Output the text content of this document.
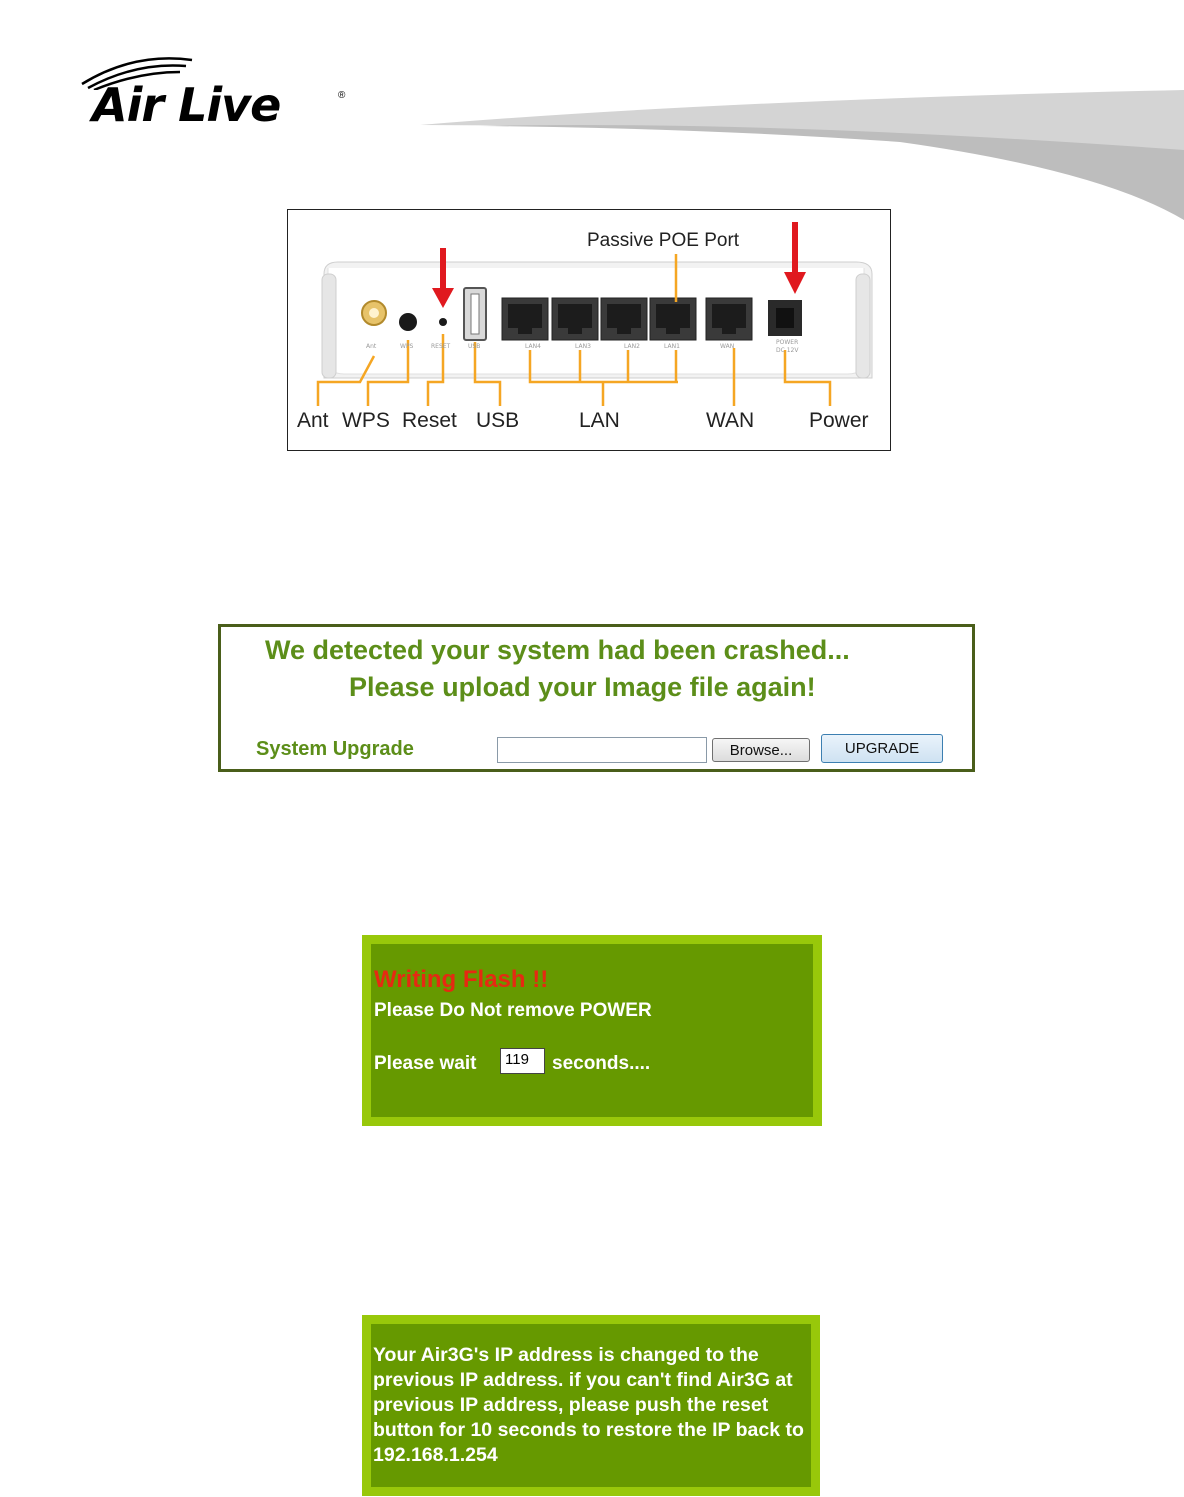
Air Live	®
Ant	WPS	RESET	USB	LAN4	LAN3	LAN2	LAN1	WAN
POWER
DC 12V
Passive POE Port
Ant WPS Reset USB	LAN	WAN	Power
We detected your system had been crashed...
Please upload your Image file again!
System Upgrade	Browse...	UPGRADE
Writing Flash !!
Please Do Not remove POWER
Please wait	119	seconds....
Your Air3G's IP address is changed to the previous IP address. if you can't find Air3G at previous IP address, please push the reset button for 10 seconds to restore the IP back to 192.168.1.254
